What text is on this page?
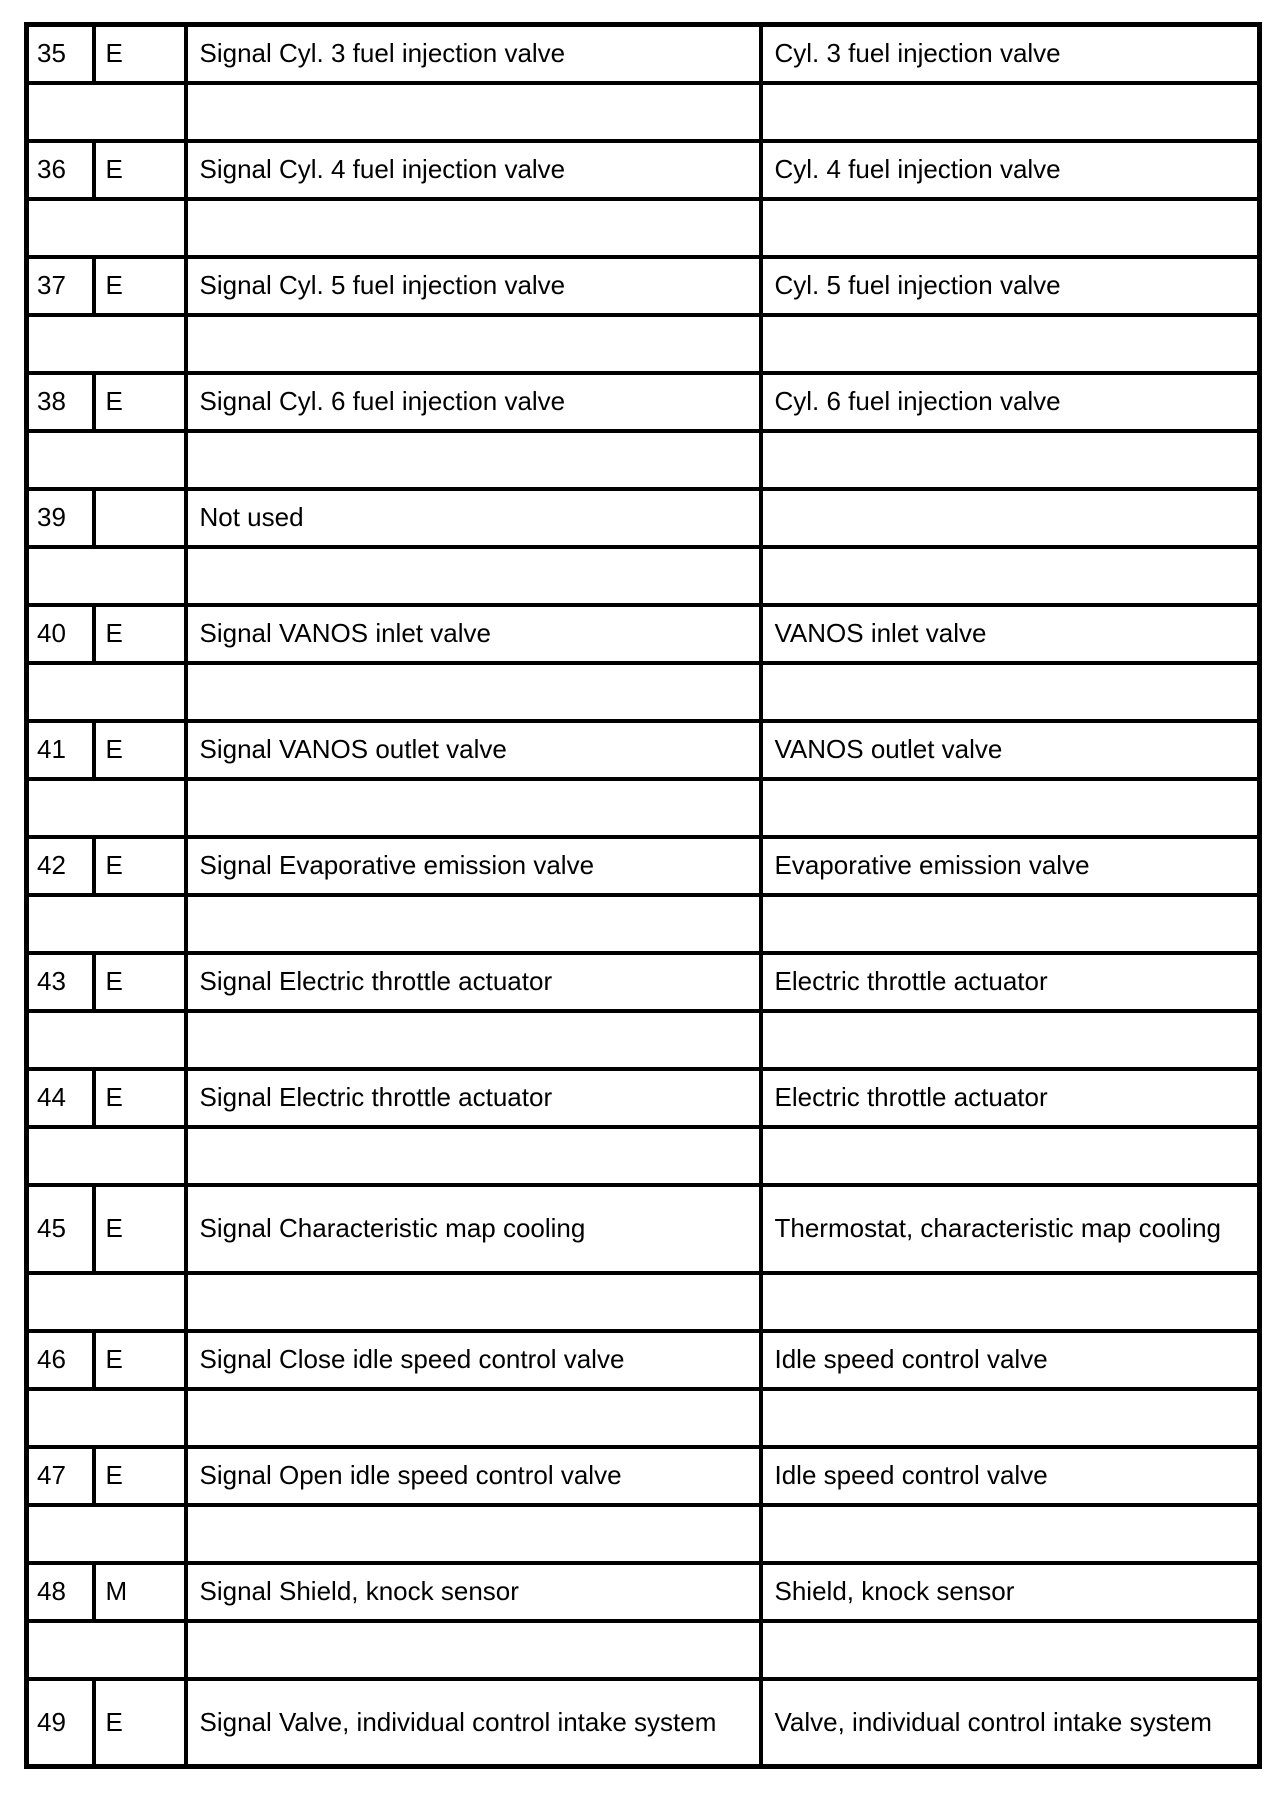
35	E	Signal Cyl. 3 fuel injection valve	Cyl. 3 fuel injection valve

36	E	Signal Cyl. 4 fuel injection valve	Cyl. 4 fuel injection valve

37	E	Signal Cyl. 5 fuel injection valve	Cyl. 5 fuel injection valve

38	E	Signal Cyl. 6 fuel injection valve	Cyl. 6 fuel injection valve

39		Not used	

40	E	Signal VANOS inlet valve	VANOS inlet valve

41	E	Signal VANOS outlet valve	VANOS outlet valve

42	E	Signal Evaporative emission valve	Evaporative emission valve

43	E	Signal Electric throttle actuator	Electric throttle actuator

44	E	Signal Electric throttle actuator	Electric throttle actuator

45	E	Signal Characteristic map cooling	Thermostat, characteristic map cooling

46	E	Signal Close idle speed control valve	Idle speed control valve

47	E	Signal Open idle speed control valve	Idle speed control valve

48	M	Signal Shield, knock sensor	Shield, knock sensor

49	E	Signal Valve, individual control intake system	Valve, individual control intake system
